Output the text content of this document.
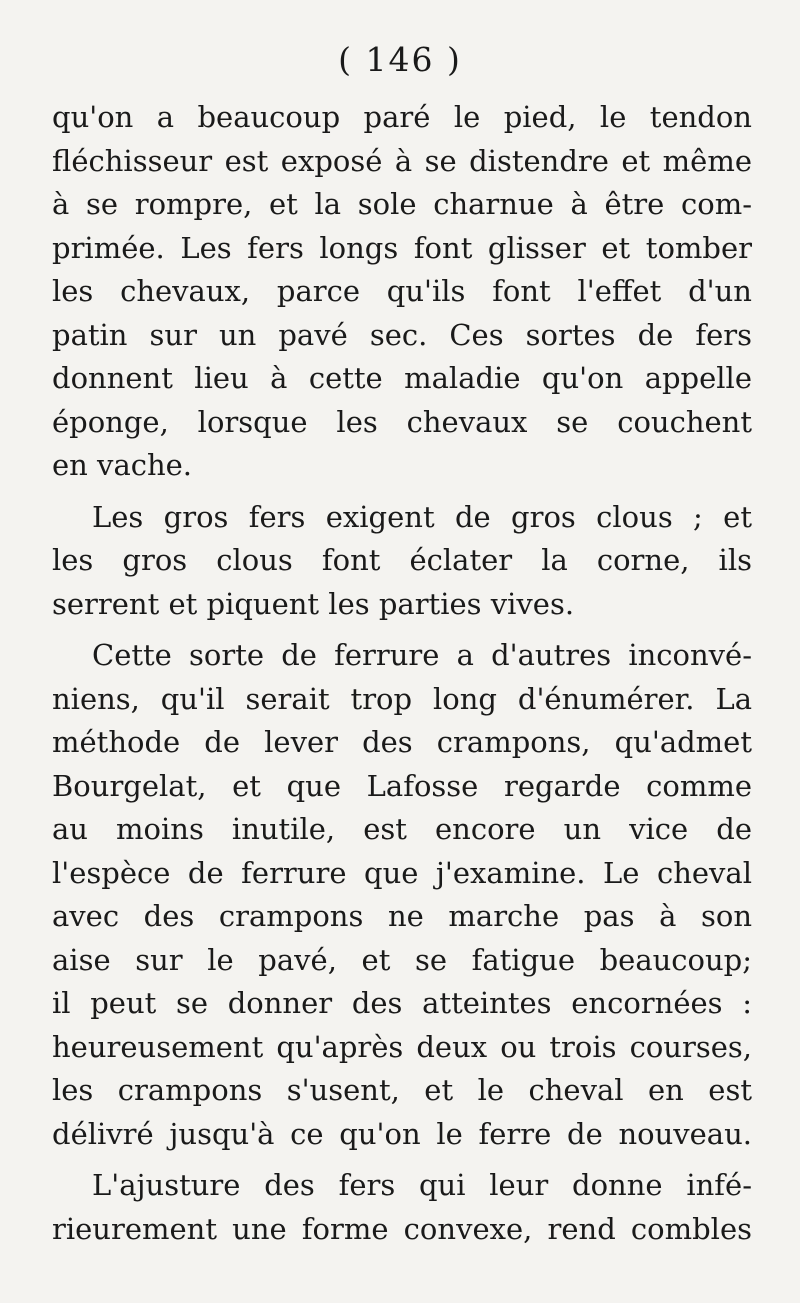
( 146 )
qu'on a beaucoup paré le pied, le tendon
fléchisseur est exposé à se distendre et même
à se rompre, et la sole charnue à être com-
primée. Les fers longs font glisser et tomber
les chevaux, parce qu'ils font l'effet d'un
patin sur un pavé sec. Ces sortes de fers
donnent lieu à cette maladie qu'on appelle
éponge, lorsque les chevaux se couchent
en vache.
Les gros fers exigent de gros clous ; et
les gros clous font éclater la corne, ils
serrent et piquent les parties vives.
Cette sorte de ferrure a d'autres inconvé-
niens, qu'il serait trop long d'énumérer. La
méthode de lever des crampons, qu'admet
Bourgelat, et que Lafosse regarde comme
au moins inutile, est encore un vice de
l'espèce de ferrure que j'examine. Le cheval
avec des crampons ne marche pas à son
aise sur le pavé, et se fatigue beaucoup;
il peut se donner des atteintes encornées :
heureusement qu'après deux ou trois courses,
les crampons s'usent, et le cheval en est
délivré jusqu'à ce qu'on le ferre de nouveau.
L'ajusture des fers qui leur donne infé-
rieurement une forme convexe, rend combles
